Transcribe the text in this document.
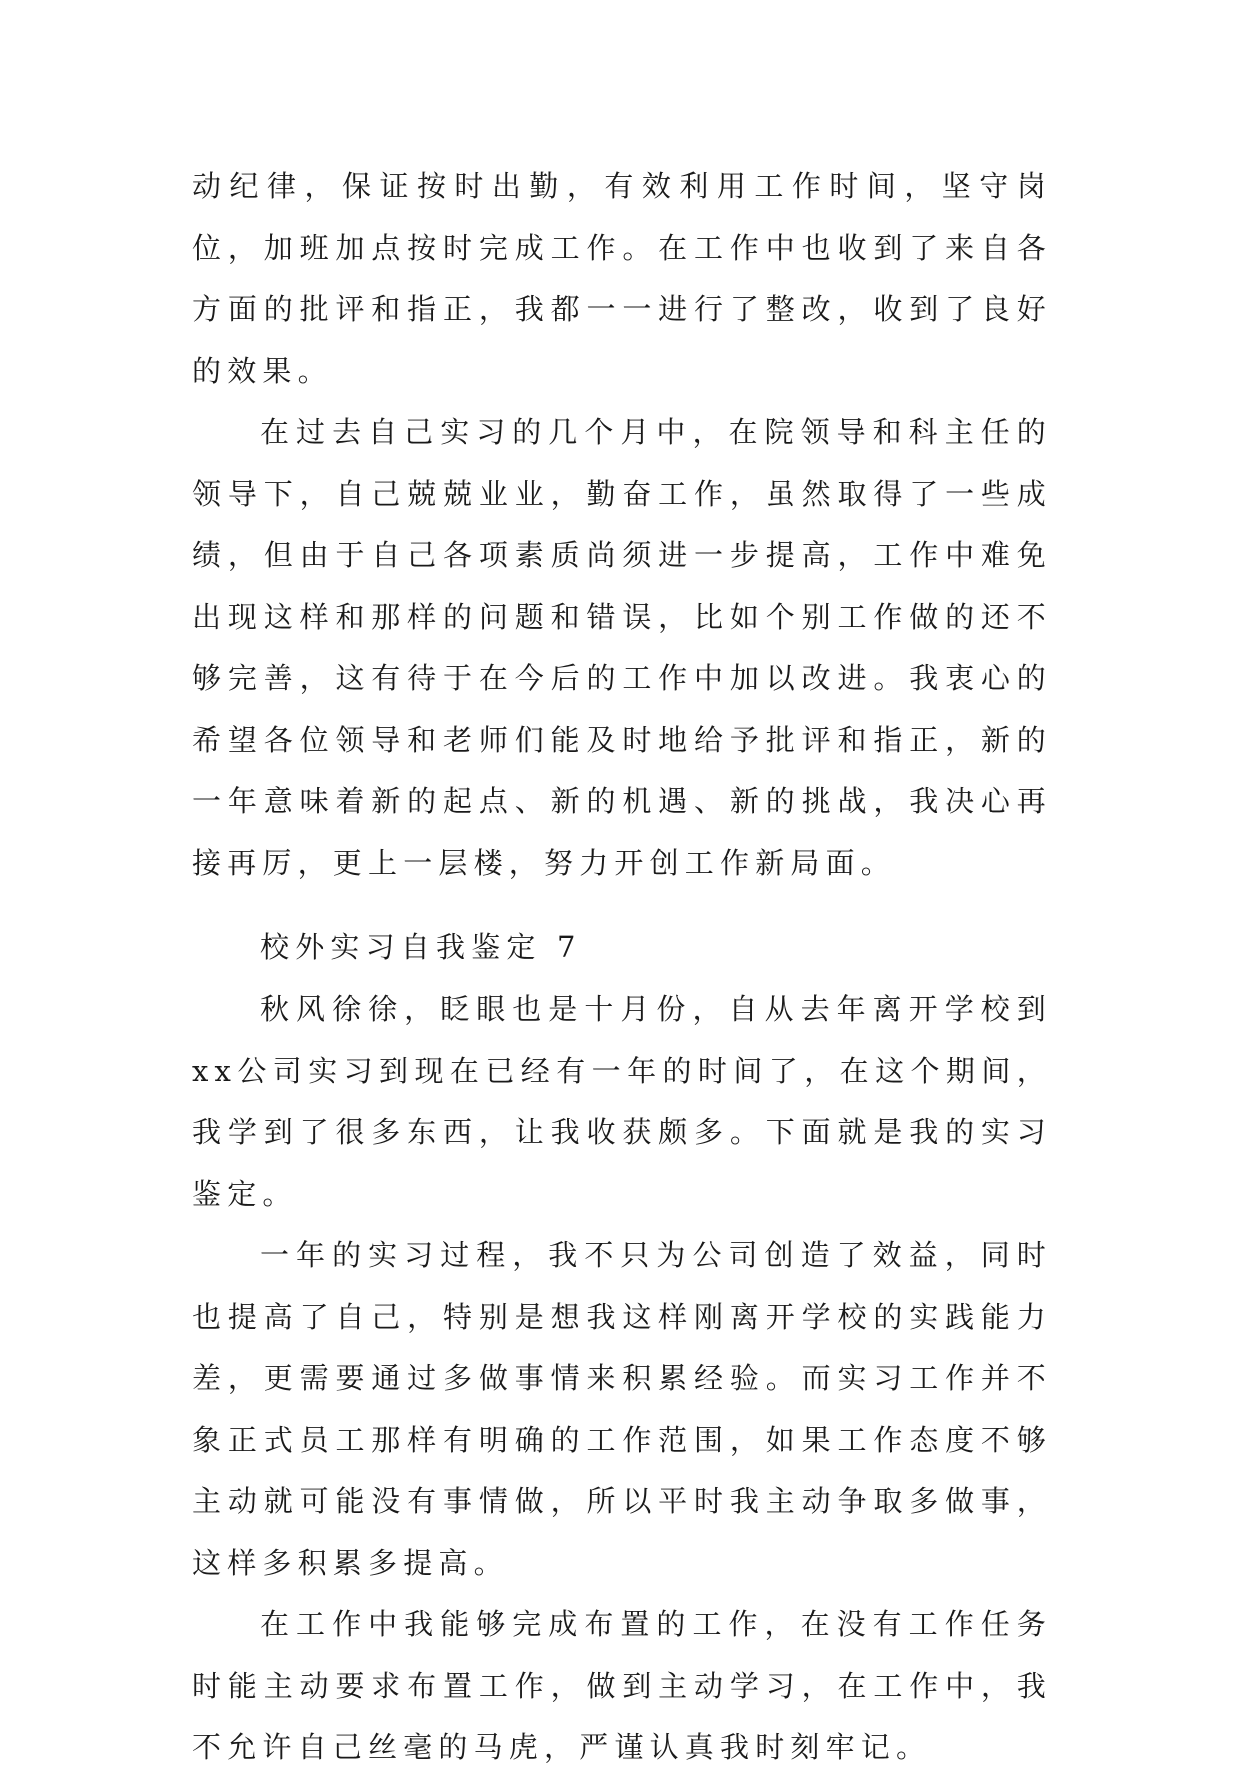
动纪律，保证按时出勤，有效利用工作时间，坚守岗位，加班加点按时完成工作。在工作中也收到了来自各方面的批评和指正，我都一一进行了整改，收到了良好的效果。

在过去自己实习的几个月中，在院领导和科主任的领导下，自己兢兢业业，勤奋工作，虽然取得了一些成绩，但由于自己各项素质尚须进一步提高，工作中难免出现这样和那样的问题和错误，比如个别工作做的还不够完善，这有待于在今后的工作中加以改进。我衷心的希望各位领导和老师们能及时地给予批评和指正，新的一年意味着新的起点、新的机遇、新的挑战，我决心再接再厉，更上一层楼，努力开创工作新局面。

校外实习自我鉴定 7

秋风徐徐，眨眼也是十月份，自从去年离开学校到xx公司实习到现在已经有一年的时间了，在这个期间，我学到了很多东西，让我收获颇多。下面就是我的实习鉴定。

一年的实习过程，我不只为公司创造了效益，同时也提高了自己，特别是想我这样刚离开学校的实践能力差，更需要通过多做事情来积累经验。而实习工作并不象正式员工那样有明确的工作范围，如果工作态度不够主动就可能没有事情做，所以平时我主动争取多做事，这样多积累多提高。

在工作中我能够完成布置的工作，在没有工作任务时能主动要求布置工作，做到主动学习，在工作中，我不允许自己丝毫的马虎，严谨认真我时刻牢记。
